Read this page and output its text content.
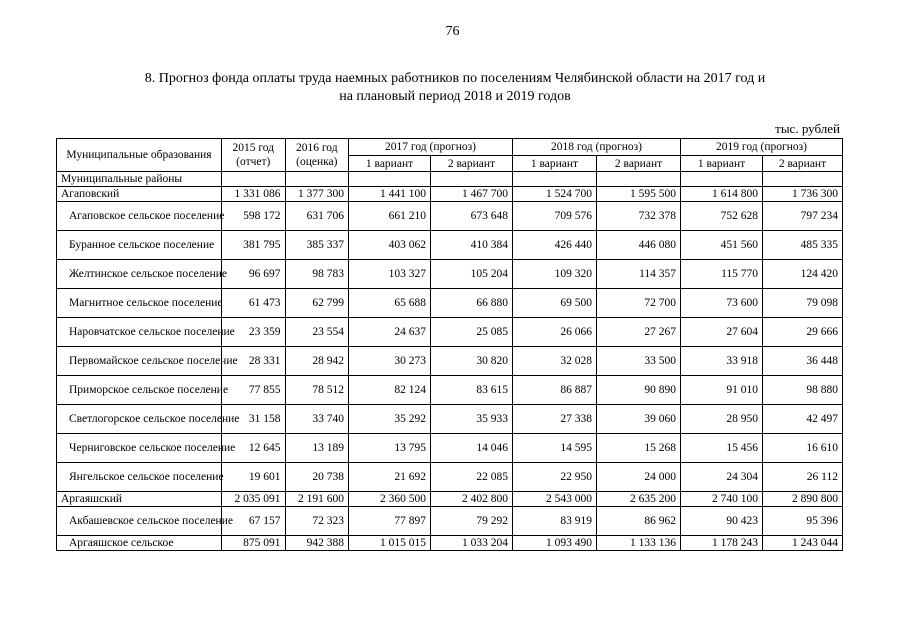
76
8. Прогноз фонда оплаты труда наемных работников по поселениям Челябинской области на 2017 год и
на плановый период 2018 и 2019 годов
тыс. рублей
Муниципальные образования	2015 год (отчет)	2016 год (оценка)	2017 год (прогноз)		2018 год (прогноз)		2019 год (прогноз)	
			1 вариант	2 вариант	1 вариант	2 вариант	1 вариант	2 вариант
Муниципальные районы								
Агаповский	1 331 086	1 377 300	1 441 100	1 467 700	1 524 700	1 595 500	1 614 800	1 736 300
Агаповское сельское поселение	598 172	631 706	661 210	673 648	709 576	732 378	752 628	797 234
Буранное сельское поселение	381 795	385 337	403 062	410 384	426 440	446 080	451 560	485 335
Желтинское сельское поселение	96 697	98 783	103 327	105 204	109 320	114 357	115 770	124 420
Магнитное сельское поселение	61 473	62 799	65 688	66 880	69 500	72 700	73 600	79 098
Наровчатское сельское поселение	23 359	23 554	24 637	25 085	26 066	27 267	27 604	29 666
Первомайское сельское поселение	28 331	28 942	30 273	30 820	32 028	33 500	33 918	36 448
Приморское сельское поселение	77 855	78 512	82 124	83 615	86 887	90 890	91 010	98 880
Светлогорское сельское поселение	31 158	33 740	35 292	35 933	27 338	39 060	28 950	42 497
Черниговское сельское поселение	12 645	13 189	13 795	14 046	14 595	15 268	15 456	16 610
Янгельское сельское поселение	19 601	20 738	21 692	22 085	22 950	24 000	24 304	26 112
Аргаяшский	2 035 091	2 191 600	2 360 500	2 402 800	2 543 000	2 635 200	2 740 100	2 890 800
Акбашевское сельское поселение	67 157	72 323	77 897	79 292	83 919	86 962	90 423	95 396
Аргаяшское сельское	875 091	942 388	1 015 015	1 033 204	1 093 490	1 133 136	1 178 243	1 243 044
